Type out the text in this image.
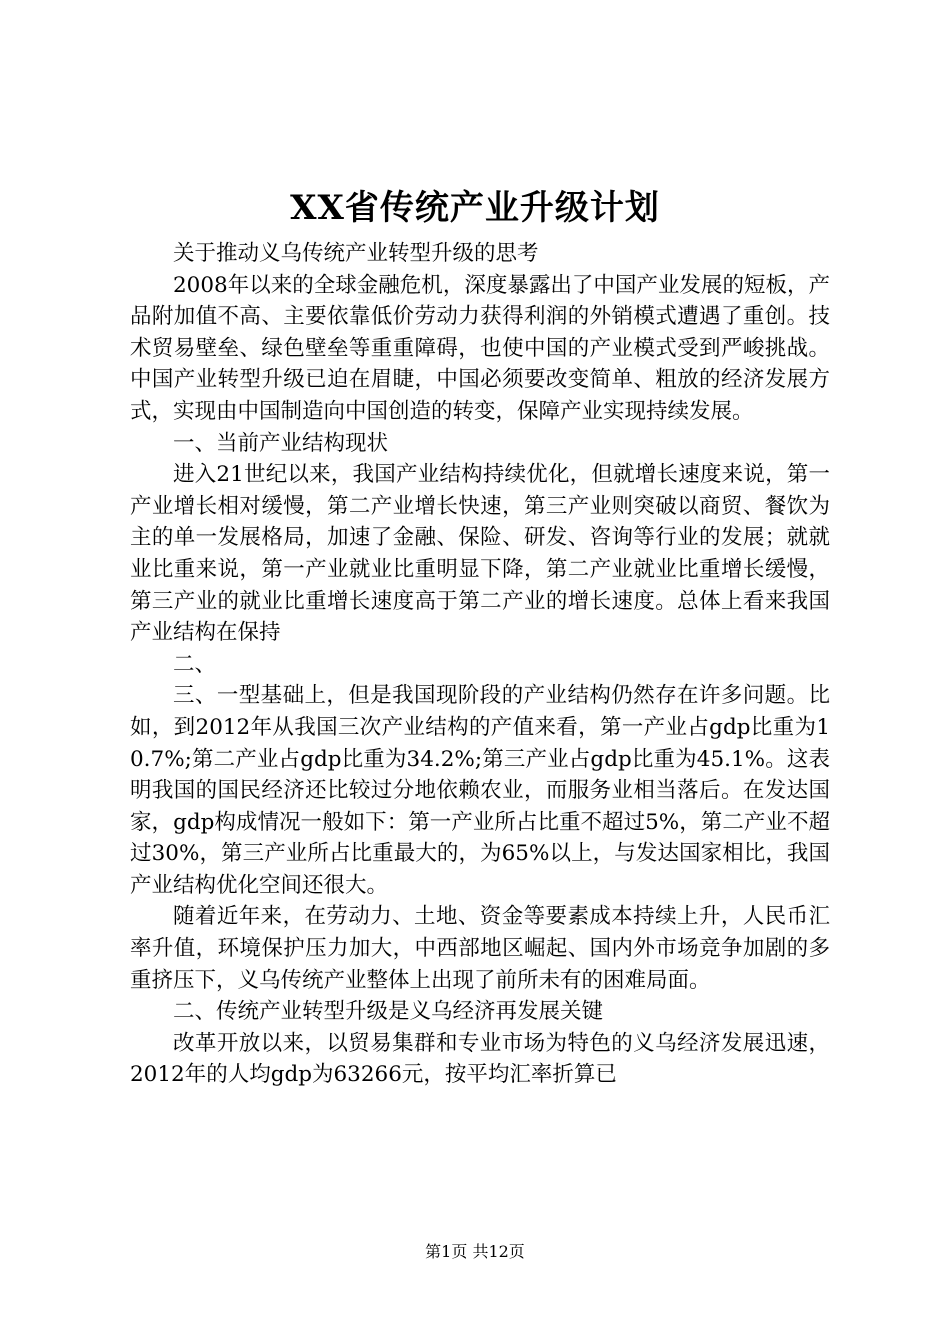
XX省传统产业升级计划

关于推动义乌传统产业转型升级的思考

2008年以来的全球金融危机，深度暴露出了中国产业发展的短板，产品附加值不高、主要依靠低价劳动力获得利润的外销模式遭遇了重创。技术贸易壁垒、绿色壁垒等重重障碍，也使中国的产业模式受到严峻挑战。中国产业转型升级已迫在眉睫，中国必须要改变简单、粗放的经济发展方式，实现由中国制造向中国创造的转变，保障产业实现持续发展。

一、当前产业结构现状

进入21世纪以来，我国产业结构持续优化，但就增长速度来说，第一产业增长相对缓慢，第二产业增长快速，第三产业则突破以商贸、餐饮为主的单一发展格局，加速了金融、保险、研发、咨询等行业的发展；就就业比重来说，第一产业就业比重明显下降，第二产业就业比重增长缓慢，第三产业的就业比重增长速度高于第二产业的增长速度。总体上看来我国产业结构在保持

二、

三、一型基础上，但是我国现阶段的产业结构仍然存在许多问题。比如，到2012年从我国三次产业结构的产值来看，第一产业占gdp比重为10.7%;第二产业占gdp比重为34.2%;第三产业占gdp比重为45.1%。这表明我国的国民经济还比较过分地依赖农业，而服务业相当落后。在发达国家，gdp构成情况一般如下：第一产业所占比重不超过5%，第二产业不超过30%，第三产业所占比重最大的，为65%以上，与发达国家相比，我国产业结构优化空间还很大。

随着近年来，在劳动力、土地、资金等要素成本持续上升，人民币汇率升值，环境保护压力加大，中西部地区崛起、国内外市场竞争加剧的多重挤压下，义乌传统产业整体上出现了前所未有的困难局面。

二、传统产业转型升级是义乌经济再发展关键

改革开放以来，以贸易集群和专业市场为特色的义乌经济发展迅速，2012年的人均gdp为63266元，按平均汇率折算已

第1页 共12页
